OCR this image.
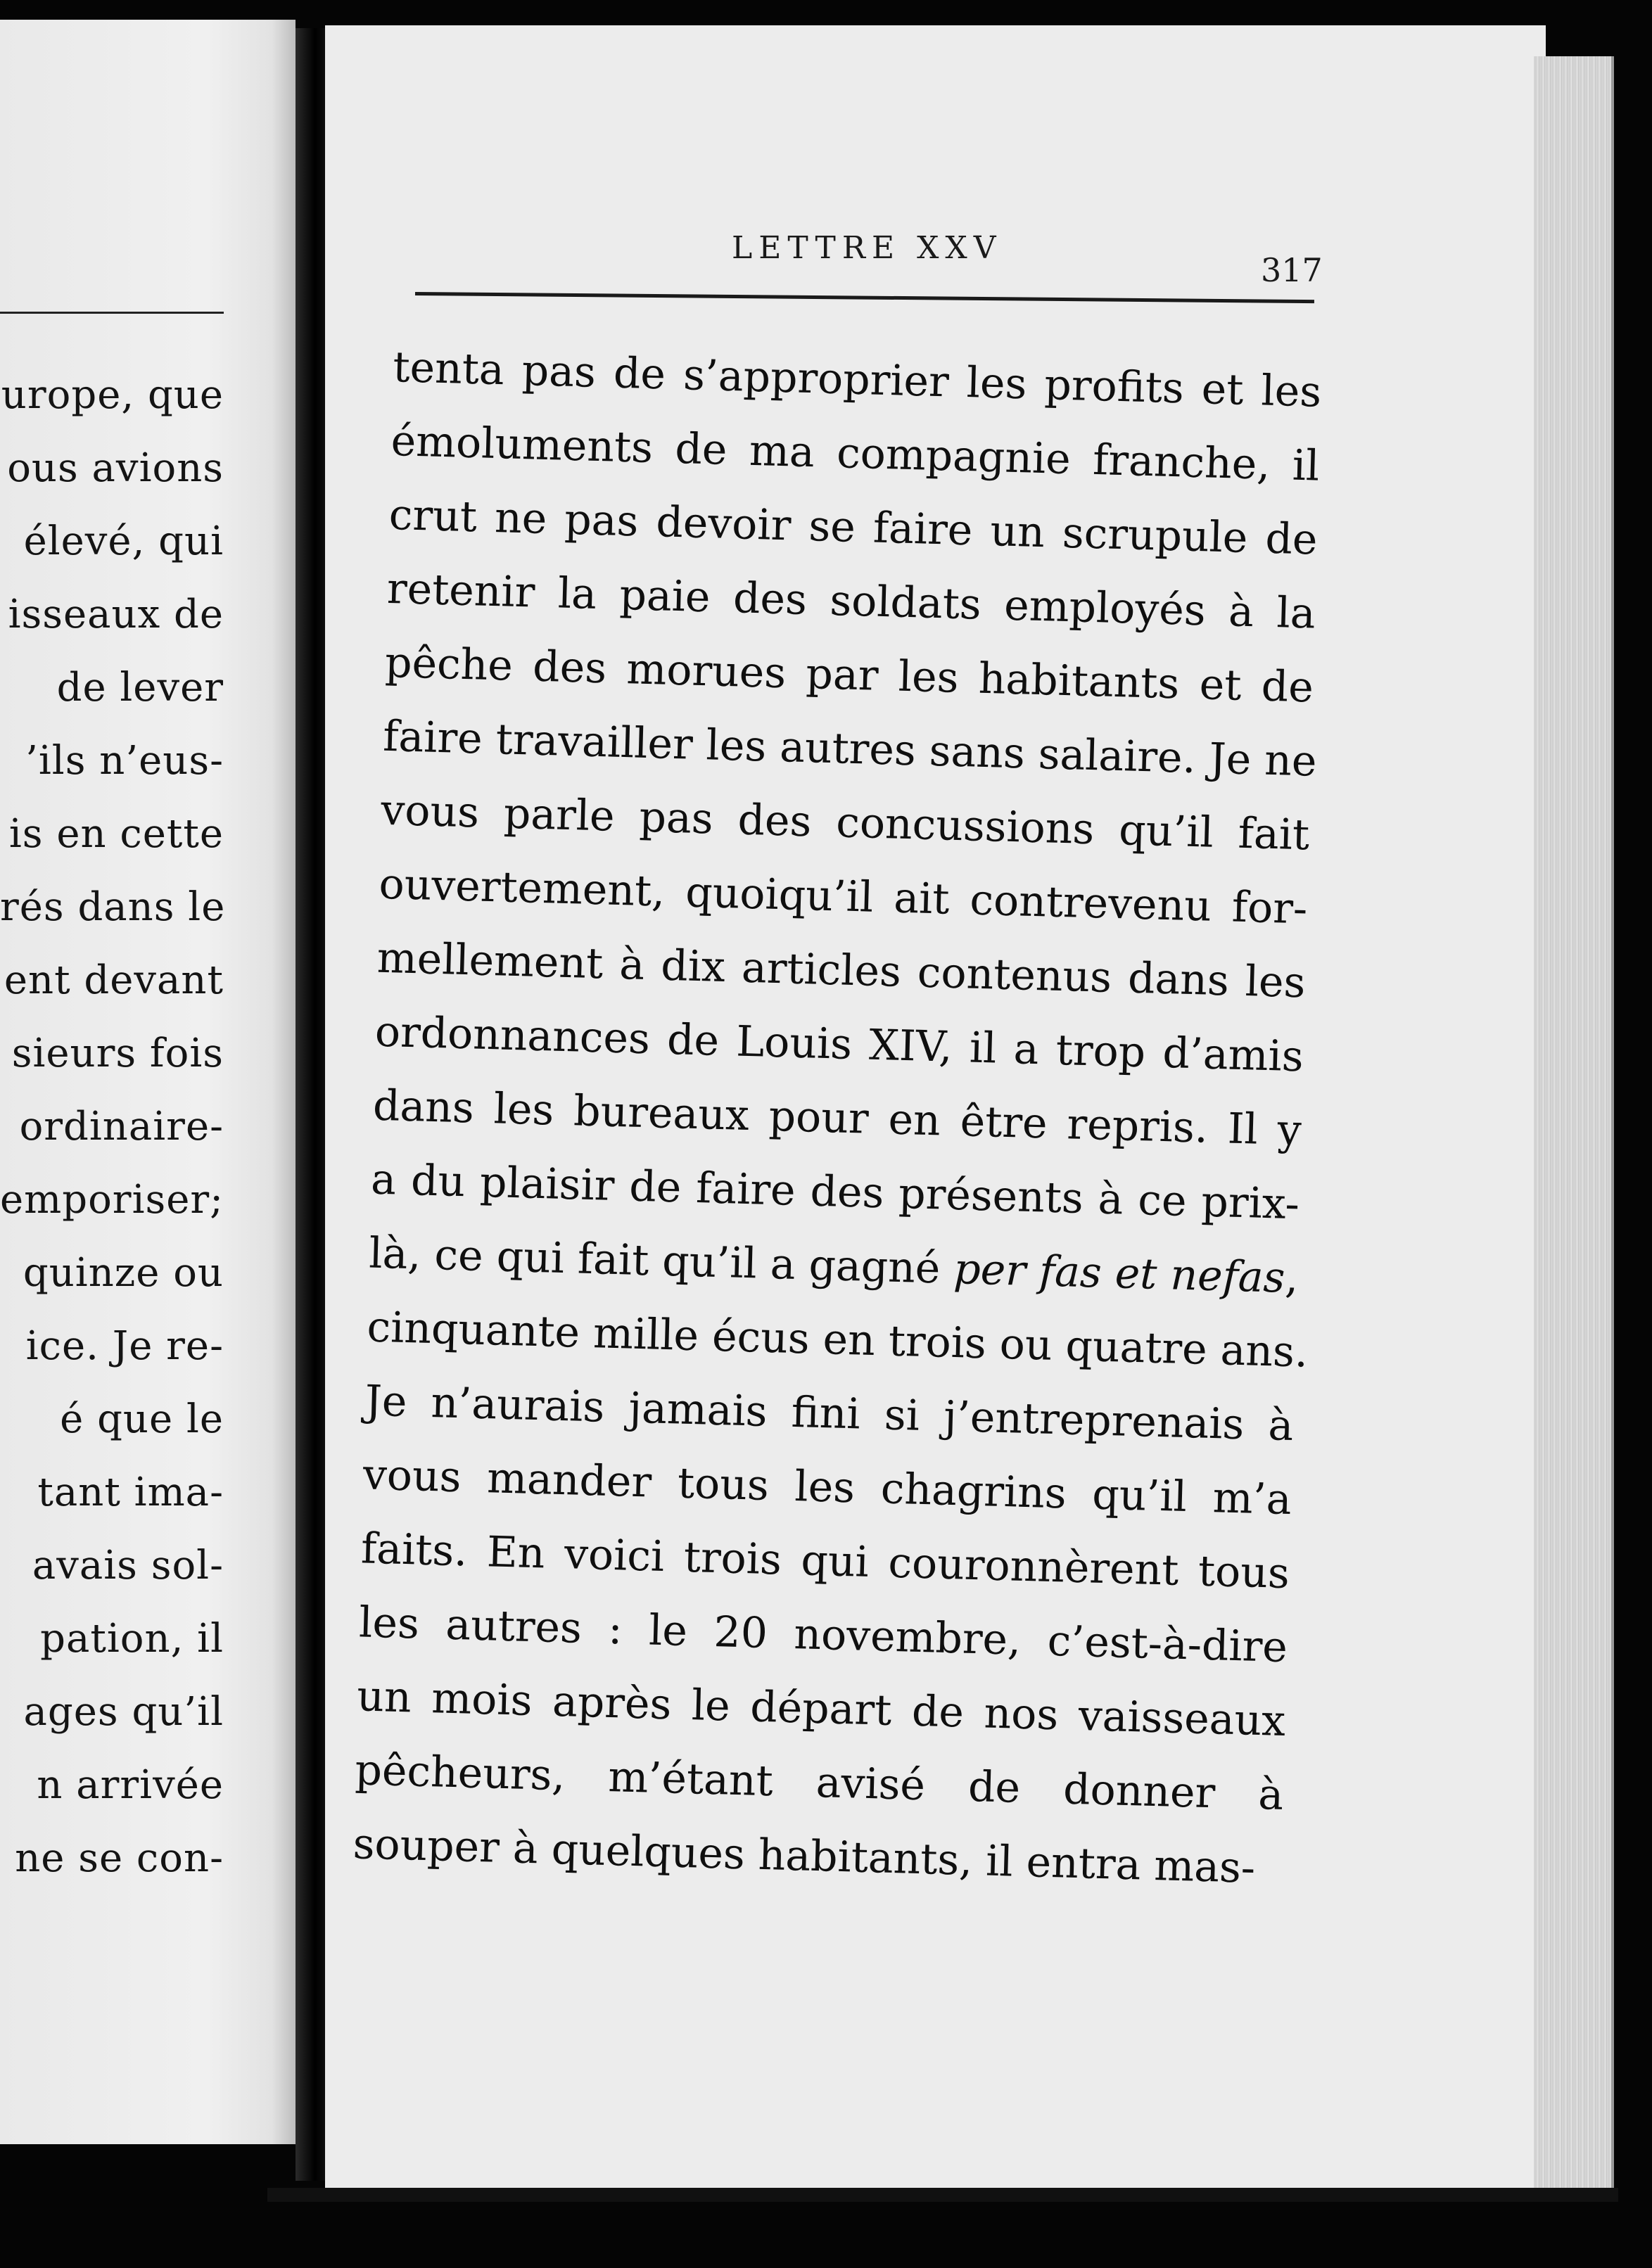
urope, que
ous avions
élevé, qui
isseaux de
de lever
’ils n’eus-
is en cette
rés dans le
ent devant
sieurs fois
ordinaire-
emporiser;
quinze ou
ice. Je re-
é que le
tant ima-
avais sol-
pation, il
ages qu’il
n arrivée
ne se con-
LETTRE XXV
317
tenta pas de s’approprier les profits et les
émoluments de ma compagnie franche, il
crut ne pas devoir se faire un scrupule de
retenir la paie des soldats employés à la
pêche des morues par les habitants et de
faire travailler les autres sans salaire. Je ne
vous parle pas des concussions qu’il fait
ouvertement, quoiqu’il ait contrevenu for-
mellement à dix articles contenus dans les
ordonnances de Louis XIV, il a trop d’amis
dans les bureaux pour en être repris. Il y
a du plaisir de faire des présents à ce prix-
là, ce qui fait qu’il a gagné per fas et nefas,
cinquante mille écus en trois ou quatre ans.
Je n’aurais jamais fini si j’entreprenais à
vous mander tous les chagrins qu’il m’a
faits. En voici trois qui couronnèrent tous
les autres : le 20 novembre, c’est-à-dire
un mois après le départ de nos vaisseaux
pêcheurs, m’étant avisé de donner à
souper à quelques habitants, il entra mas-
